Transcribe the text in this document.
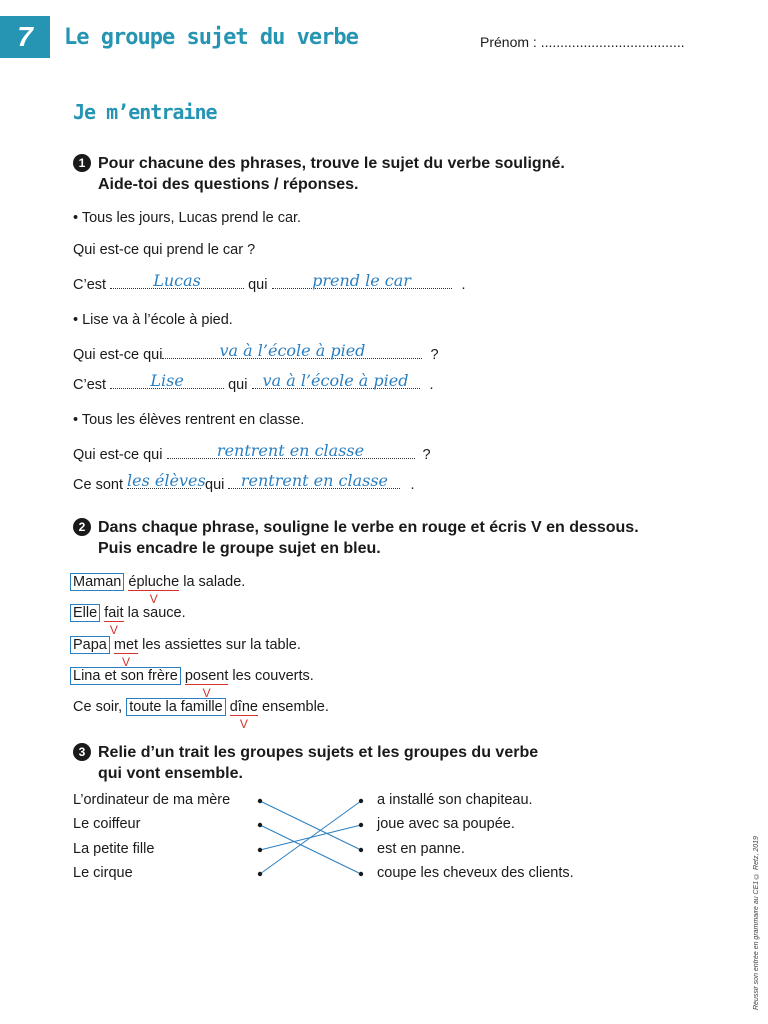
7	Le groupe sujet du verbe	Prénom : .....................................
Je m’entraine
1 Pour chacune des phrases, trouve le sujet du verbe souligné.
Aide-toi des questions / réponses.
• Tous les jours, Lucas prend le car.
Qui est-ce qui prend le car ?
C’est	Lucas	qui	prend le car	.
• Lise va à l’école à pied.
Qui est-ce qui	va à l’école à pied	?
C’est	Lise	qui va à l’école à pied	.
• Tous les élèves rentrent en classe.
Qui est-ce qui	rentrent en classe	?
Ce sont les élèves qui	rentrent en classe	.
2 Dans chaque phrase, souligne le verbe en rouge et écris V en dessous.
Puis encadre le groupe sujet en bleu.
Maman épluche
V
la salade.
Elle fait
V
la sauce.
Papa met
V
les assiettes sur la table.
Lina et son frère posent
V
les couverts.
Ce soir, toute la famille dîne
V
ensemble.
3 Relie d’un trait les groupes sujets et les groupes du verbe
qui vont ensemble.
L’ordinateur de ma mère
Le coiffeur
La petite fille
Le cirque
a installé son chapiteau.
joue avec sa poupée.
est en panne.
coupe les cheveux des clients.	Réussir son entrée en grammaire au CE1 © Retz, 2019
